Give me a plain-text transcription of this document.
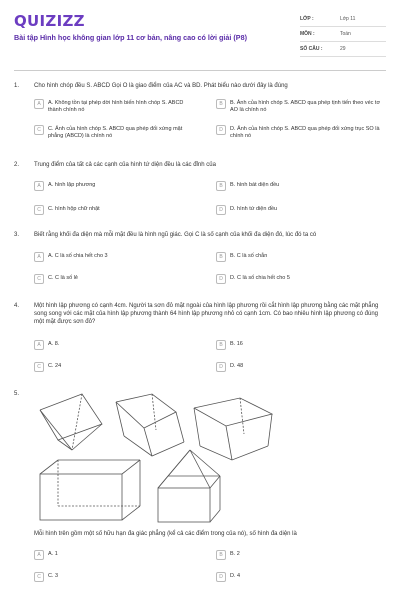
QUIZIZZ
Bài tập Hình học không gian lớp 11 cơ bản, nâng cao có lời giải (P8)
LỚP :	Lớp 11
MÔN :	Toán
SỐ CÂU :	29
1. Cho hình chóp đều S. ABCD Gọi O là giao điểm của AC và BD. Phát biểu nào dưới đây là đúng
A	A. Không tồn tại phép dời hình biến hình chóp S. ABCD thành chính nó
B	B. Ảnh của hình chóp S. ABCD qua phép tịnh tiến theo véc tơ AO là chính nó
C	C. Ảnh của hình chóp S. ABCD qua phép đối xứng mặt phẳng (ABCD) là chính nó
D	D. Ảnh của hình chóp S. ABCD qua phép đối xứng trục SO là chính nó
2. Trung điểm của tất cả các cạnh của hình tứ diện đều là các đỉnh của
A	A. hình lập phương	B	B. hình bát diện đều
C	C. hình hộp chữ nhật	D	D. hình tứ diện đều
3. Biết rằng khối đa diện mà mỗi mặt đều là hình ngũ giác. Gọi C là số cạnh của khối đa diện đó, lúc đó ta có
A	A. C là số chia hết cho 3	B	B. C là số chẵn
C	C. C là số lẻ	D	D. C là số chia hết cho 5
4. Một hình lập phương có cạnh 4cm. Người ta sơn đỏ mặt ngoài của hình lập phương rồi cắt hình lập phương bằng các mặt phẳng song song với các mặt của hình lập phương thành 64 hình lập phương nhỏ có cạnh 1cm. Có bao nhiêu hình lập phương có đúng một mặt được sơn đỏ?
A	A. 8.	B	B. 16
C	C. 24	D	D. 48
5.
Mỗi hình trên gồm một số hữu hạn đa giác phẳng (kể cả các điểm trong của nó), số hình đa diện là
A	A. 1	B	B. 2
C	C. 3	D	D. 4
